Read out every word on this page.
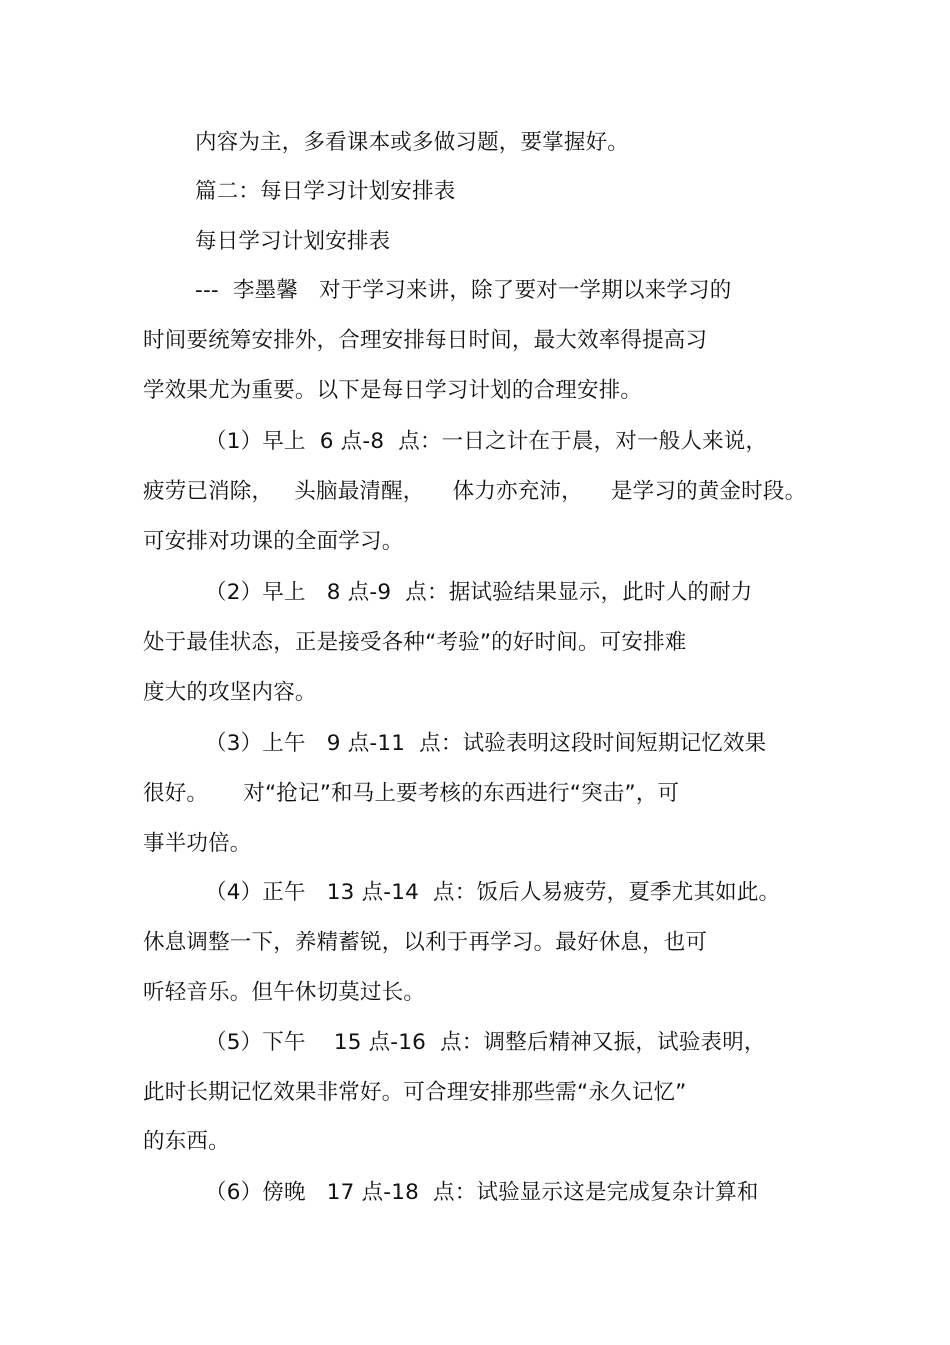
内容为主，多看课本或多做习题，要掌握好。
篇二：每日学习计划安排表
每日学习计划安排表
---  李墨馨   对于学习来讲，除了要对一学期以来学习的
时间要统筹安排外，合理安排每日时间，最大效率得提高习
学效果尤为重要。以下是每日学习计划的合理安排。
（1）早上  6 点-8  点：一日之计在于晨，对一般人来说，
疲劳已消除，   头脑最清醒，    体力亦充沛，    是学习的黄金时段。
可安排对功课的全面学习。
（2）早上   8 点-9  点：据试验结果显示，此时人的耐力
处于最佳状态，正是接受各种“考验”的好时间。可安排难
度大的攻坚内容。
（3）上午   9 点-11  点：试验表明这段时间短期记忆效果
很好。     对“抢记”和马上要考核的东西进行“突击”，可
事半功倍。
（4）正午   13 点-14  点：饭后人易疲劳，夏季尤其如此。
休息调整一下，养精蓄锐，以利于再学习。最好休息，也可
听轻音乐。但午休切莫过长。
（5）下午    15 点-16  点：调整后精神又振，试验表明，
此时长期记忆效果非常好。可合理安排那些需“永久记忆”
的东西。
（6）傍晚   17 点-18  点：试验显示这是完成复杂计算和
